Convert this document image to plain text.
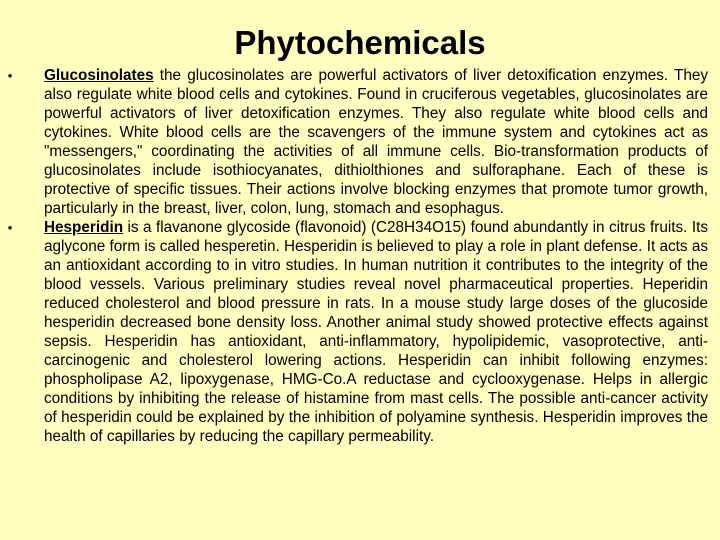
Phytochemicals
• Glucosinolates the glucosinolates are powerful activators of liver detoxification enzymes. They also regulate white blood cells and cytokines. Found in cruciferous vegetables, glucosinolates are powerful activators of liver detoxification enzymes. They also regulate white blood cells and cytokines. White blood cells are the scavengers of the immune system and cytokines act as "messengers," coordinating the activities of all immune cells. Bio-transformation products of glucosinolates include isothiocyanates, dithiolthiones and sulforaphane. Each of these is protective of specific tissues. Their actions involve blocking enzymes that promote tumor growth, particularly in the breast, liver, colon, lung, stomach and esophagus.
• Hesperidin is a flavanone glycoside (flavonoid) (C28H34O15) found abundantly in citrus fruits. Its aglycone form is called hesperetin. Hesperidin is believed to play a role in plant defense. It acts as an antioxidant according to in vitro studies. In human nutrition it contributes to the integrity of the blood vessels. Various preliminary studies reveal novel pharmaceutical properties. Heperidin reduced cholesterol and blood pressure in rats. In a mouse study large doses of the glucoside hesperidin decreased bone density loss. Another animal study showed protective effects against sepsis. Hesperidin has antioxidant, anti-inflammatory, hypolipidemic, vasoprotective, anti-carcinogenic and cholesterol lowering actions. Hesperidin can inhibit following enzymes: phospholipase A2, lipoxygenase, HMG-Co.A reductase and cyclooxygenase. Helps in allergic conditions by inhibiting the release of histamine from mast cells. The possible anti-cancer activity of hesperidin could be explained by the inhibition of polyamine synthesis. Hesperidin improves the health of capillaries by reducing the capillary permeability.
